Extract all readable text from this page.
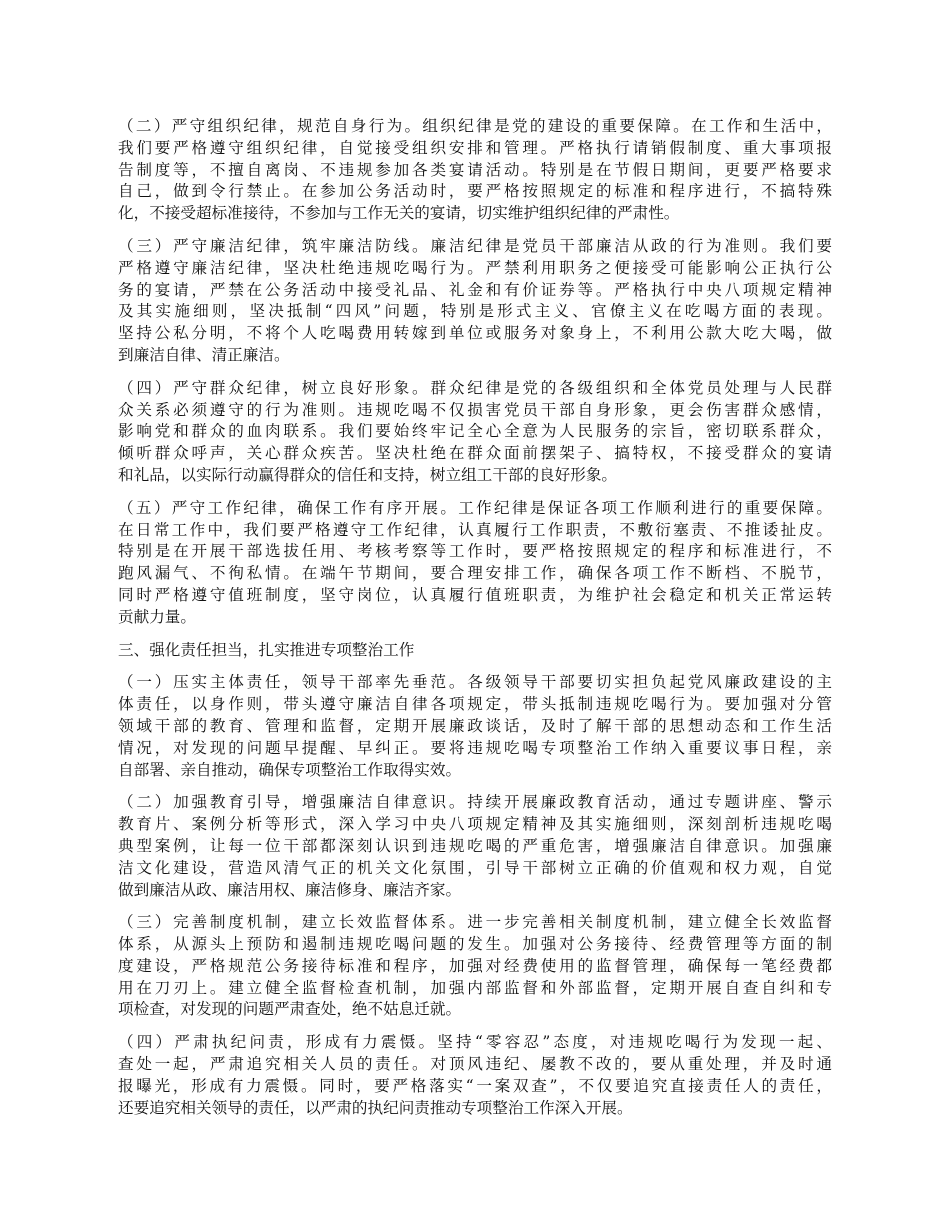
（二）严守组织纪律，规范自身行为。组织纪律是党的建设的重要保障。在工作和生活中，
我们要严格遵守组织纪律，自觉接受组织安排和管理。严格执行请销假制度、重大事项报
告制度等，不擅自离岗、不违规参加各类宴请活动。特别是在节假日期间，更要严格要求
自己，做到令行禁止。在参加公务活动时，要严格按照规定的标准和程序进行，不搞特殊
化，不接受超标准接待，不参加与工作无关的宴请，切实维护组织纪律的严肃性。
（三）严守廉洁纪律，筑牢廉洁防线。廉洁纪律是党员干部廉洁从政的行为准则。我们要
严格遵守廉洁纪律，坚决杜绝违规吃喝行为。严禁利用职务之便接受可能影响公正执行公
务的宴请，严禁在公务活动中接受礼品、礼金和有价证券等。严格执行中央八项规定精神
及其实施细则，坚决抵制“四风”问题，特别是形式主义、官僚主义在吃喝方面的表现。
坚持公私分明，不将个人吃喝费用转嫁到单位或服务对象身上，不利用公款大吃大喝，做
到廉洁自律、清正廉洁。
（四）严守群众纪律，树立良好形象。群众纪律是党的各级组织和全体党员处理与人民群
众关系必须遵守的行为准则。违规吃喝不仅损害党员干部自身形象，更会伤害群众感情，
影响党和群众的血肉联系。我们要始终牢记全心全意为人民服务的宗旨，密切联系群众，
倾听群众呼声，关心群众疾苦。坚决杜绝在群众面前摆架子、搞特权，不接受群众的宴请
和礼品，以实际行动赢得群众的信任和支持，树立组工干部的良好形象。
（五）严守工作纪律，确保工作有序开展。工作纪律是保证各项工作顺利进行的重要保障。
在日常工作中，我们要严格遵守工作纪律，认真履行工作职责，不敷衍塞责、不推诿扯皮。
特别是在开展干部选拔任用、考核考察等工作时，要严格按照规定的程序和标准进行，不
跑风漏气、不徇私情。在端午节期间，要合理安排工作，确保各项工作不断档、不脱节，
同时严格遵守值班制度，坚守岗位，认真履行值班职责，为维护社会稳定和机关正常运转
贡献力量。
三、强化责任担当，扎实推进专项整治工作
（一）压实主体责任，领导干部率先垂范。各级领导干部要切实担负起党风廉政建设的主
体责任，以身作则，带头遵守廉洁自律各项规定，带头抵制违规吃喝行为。要加强对分管
领域干部的教育、管理和监督，定期开展廉政谈话，及时了解干部的思想动态和工作生活
情况，对发现的问题早提醒、早纠正。要将违规吃喝专项整治工作纳入重要议事日程，亲
自部署、亲自推动，确保专项整治工作取得实效。
（二）加强教育引导，增强廉洁自律意识。持续开展廉政教育活动，通过专题讲座、警示
教育片、案例分析等形式，深入学习中央八项规定精神及其实施细则，深刻剖析违规吃喝
典型案例，让每一位干部都深刻认识到违规吃喝的严重危害，增强廉洁自律意识。加强廉
洁文化建设，营造风清气正的机关文化氛围，引导干部树立正确的价值观和权力观，自觉
做到廉洁从政、廉洁用权、廉洁修身、廉洁齐家。
（三）完善制度机制，建立长效监督体系。进一步完善相关制度机制，建立健全长效监督
体系，从源头上预防和遏制违规吃喝问题的发生。加强对公务接待、经费管理等方面的制
度建设，严格规范公务接待标准和程序，加强对经费使用的监督管理，确保每一笔经费都
用在刀刃上。建立健全监督检查机制，加强内部监督和外部监督，定期开展自查自纠和专
项检查，对发现的问题严肃查处，绝不姑息迁就。
（四）严肃执纪问责，形成有力震慑。坚持“零容忍”态度，对违规吃喝行为发现一起、
查处一起，严肃追究相关人员的责任。对顶风违纪、屡教不改的，要从重处理，并及时通
报曝光，形成有力震慑。同时，要严格落实“一案双查”，不仅要追究直接责任人的责任，
还要追究相关领导的责任，以严肃的执纪问责推动专项整治工作深入开展。
